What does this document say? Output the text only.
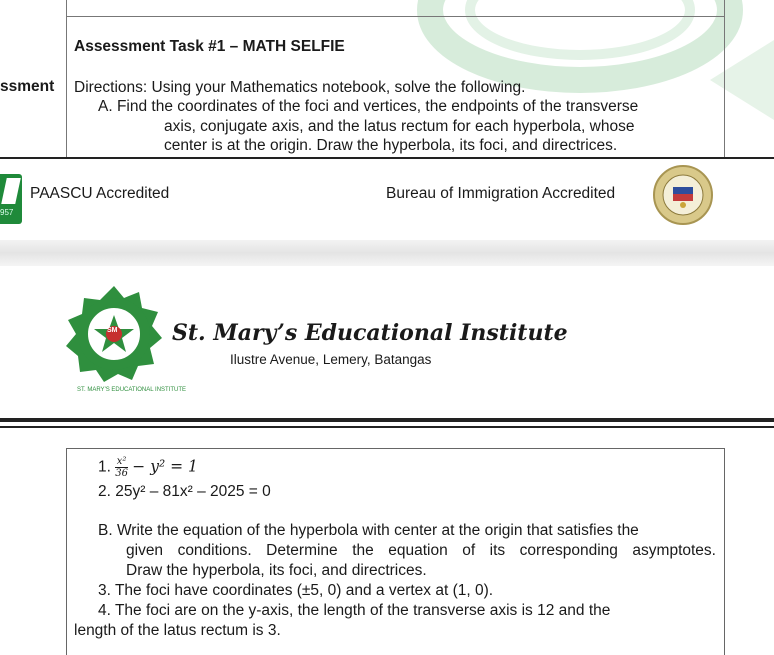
ssment
Assessment Task #1 – MATH SELFIE
Directions: Using your Mathematics notebook, solve the following.
A. Find the coordinates of the foci and vertices, the endpoints of the transverse
axis, conjugate axis, and the latus rectum for each hyperbola, whose
center is at the origin. Draw the hyperbola, its foci, and directrices.
957
PAASCU Accredited	Bureau of Immigration Accredited
SM
ST. MARY'S EDUCATIONAL INSTITUTE
St. Mary’s Educational Institute
Ilustre Avenue, Lemery, Batangas
1. $\frac{\text{x²}}{36} - y^2 = 1$
2. 25y² – 81x² – 2025 = 0
B. Write the equation of the hyperbola with center at the origin that satisfies the
given conditions. Determine the equation of its corresponding asymptotes.
Draw the hyperbola, its foci, and directrices.
3. The foci have coordinates (±5, 0) and a vertex at (1, 0).
4. The foci are on the y-axis, the length of the transverse axis is 12 and the
length of the latus rectum is 3.
